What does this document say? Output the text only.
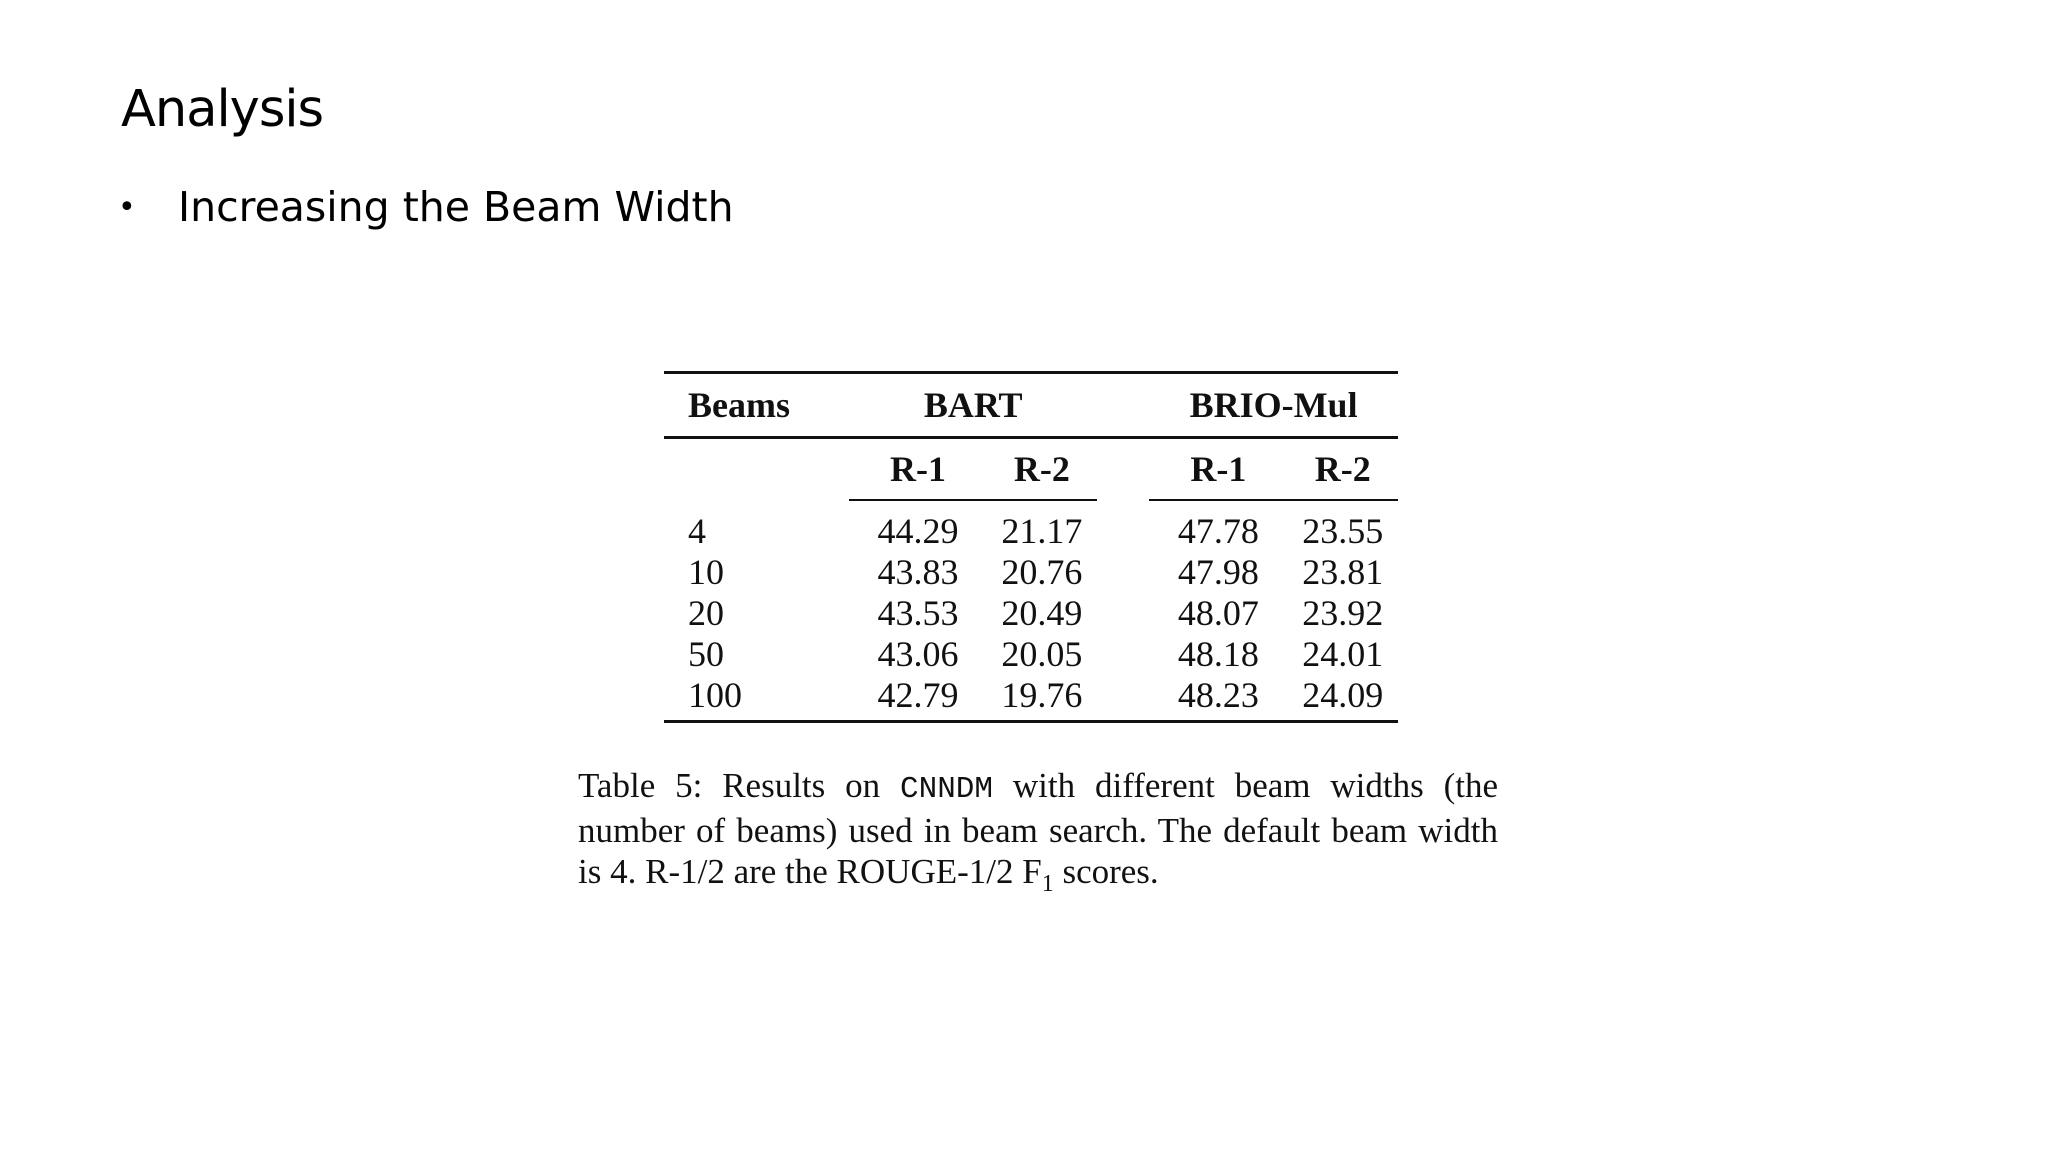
Analysis
•	Increasing the Beam Width
Beams	BART			BRIO-Mul	
	R-1	R-2		R-1	R-2
4	44.29	21.17		47.78	23.55
10	43.83	20.76		47.98	23.81
20	43.53	20.49		48.07	23.92
50	43.06	20.05		48.18	24.01
100	42.79	19.76		48.23	24.09
Table 5: Results on CNNDM with different beam widths (the number of beams) used in beam search. The default beam width is 4. R-1/2 are the ROUGE-1/2 $F_1$ scores.
